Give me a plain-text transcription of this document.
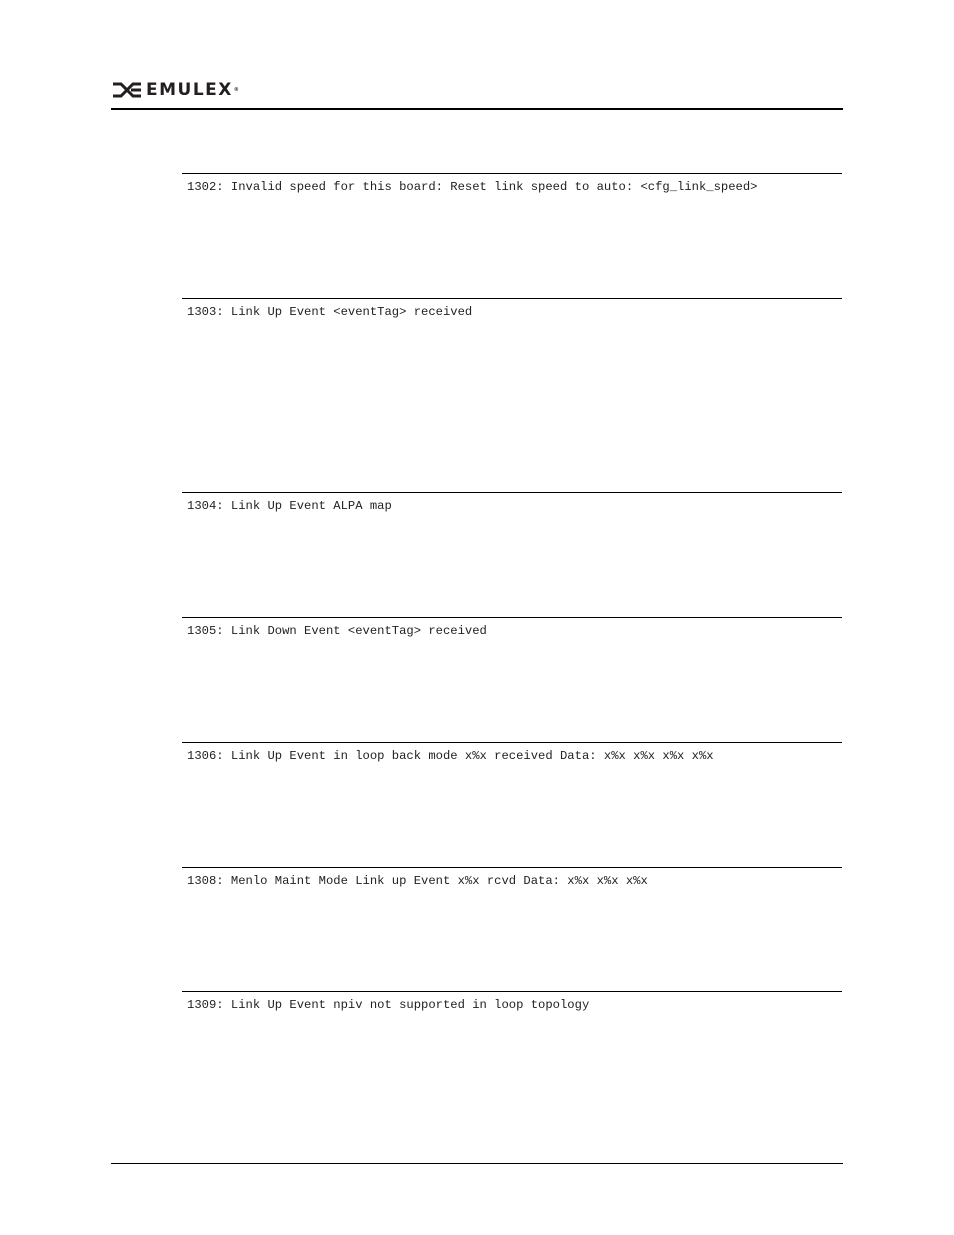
EMULEX ®
1302: Invalid speed for this board: Reset link speed to auto: <cfg_link_speed>
1303: Link Up Event <eventTag> received
1304: Link Up Event ALPA map
1305: Link Down Event <eventTag> received
1306: Link Up Event in loop back mode x%x received Data: x%x x%x x%x x%x
1308: Menlo Maint Mode Link up Event x%x rcvd Data: x%x x%x x%x
1309: Link Up Event npiv not supported in loop topology
